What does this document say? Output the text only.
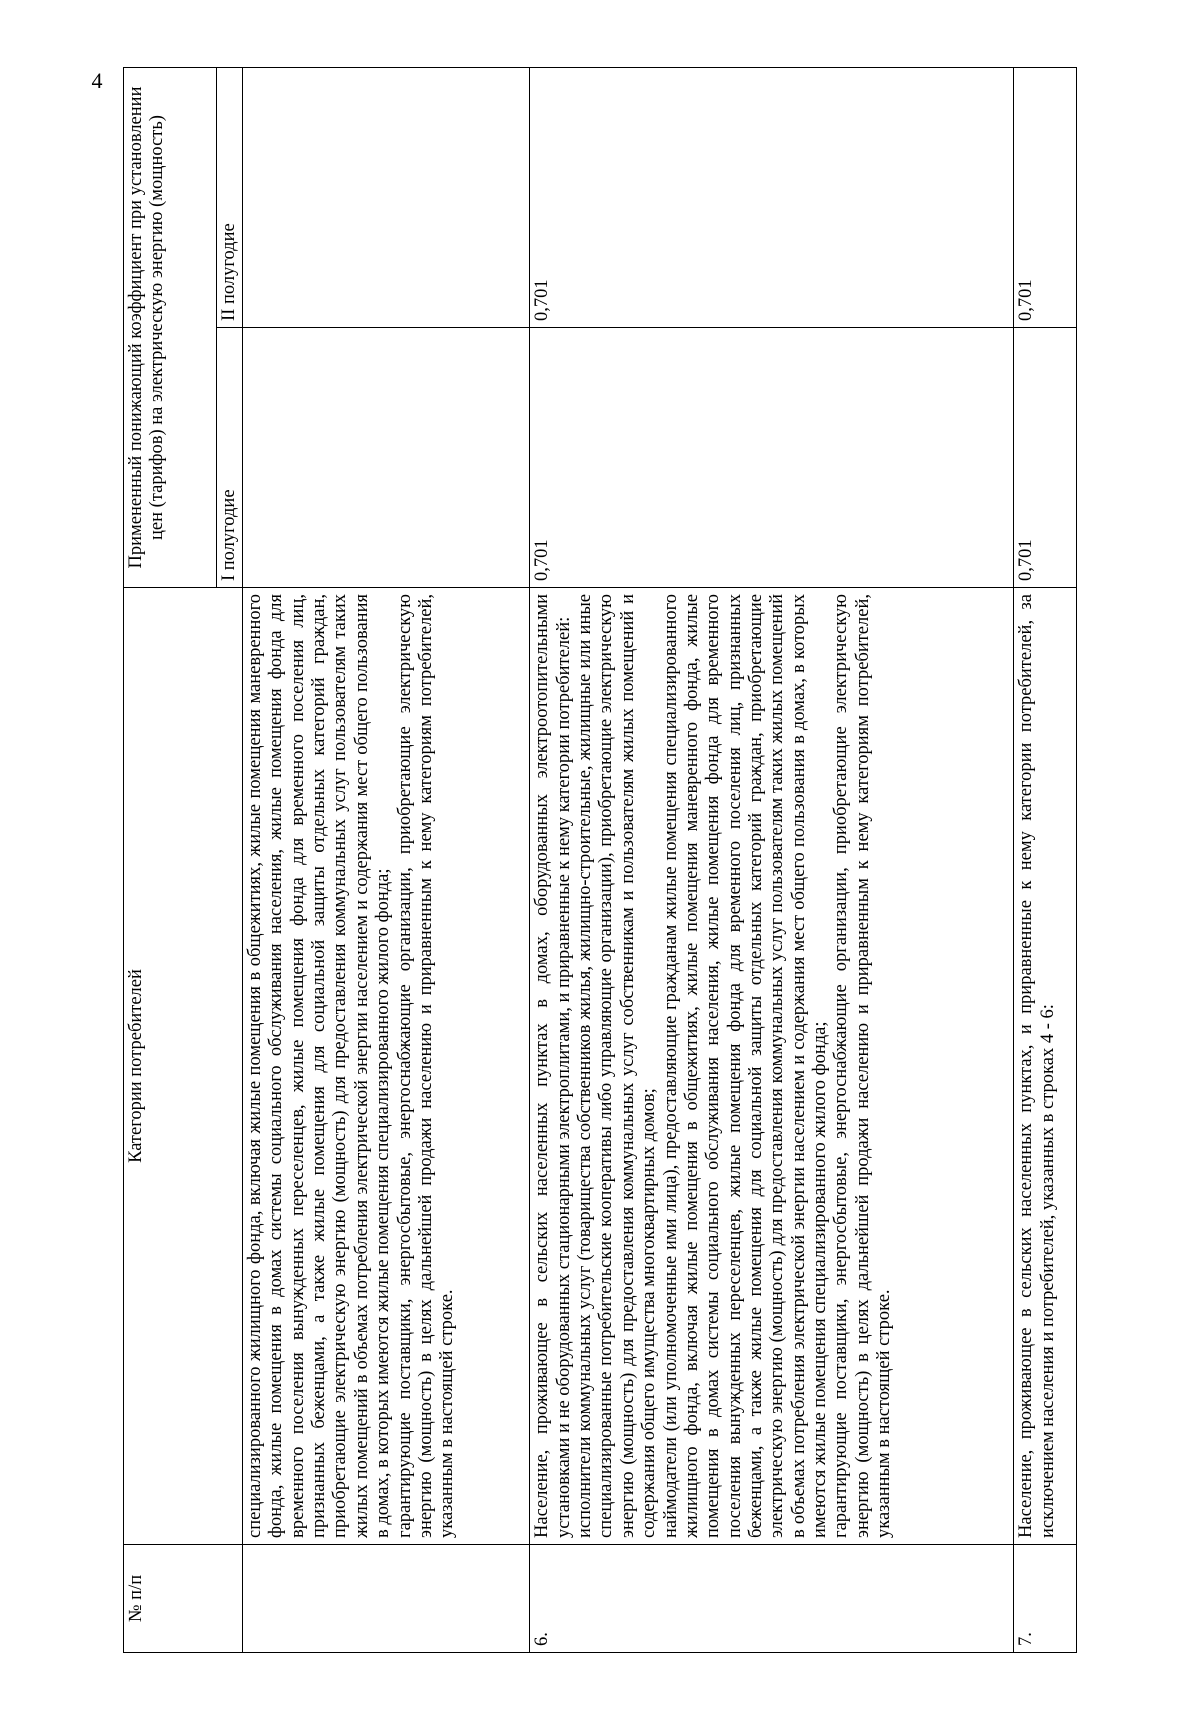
4
№ п/п	Категории потребителей	Примененный понижающий коэффициент при установлении цен (тарифов) на электрическую энергию (мощность)	
		I полугодие	II полугодие

	специализированного жилищного фонда, включая жилые помещения в общежитиях, жилые помещения маневренного фонда, жилые помещения в домах системы социального обслуживания населения, жилые помещения фонда для временного поселения вынужденных переселенцев, жилые помещения фонда для временного поселения лиц, признанных беженцами, а также жилые помещения для социальной защиты отдельных категорий граждан, приобретающие электрическую энергию (мощность) для предоставления коммунальных услуг пользователям таких жилых помещений в объемах потребления электрической энергии населением и содержания мест общего пользования в домах, в которых имеются жилые помещения специализированного жилого фонда; гарантирующие поставщики, энергосбытовые, энергоснабжающие организации, приобретающие электрическую энергию (мощность) в целях дальнейшей продажи населению и приравненным к нему категориям потребителей, указанным в настоящей строке.		

6.	Население, проживающее в сельских населенных пунктах в домах, оборудованных электроотопительными установками и не оборудованных стационарными электроплитами, и приравненные к нему категории потребителей: исполнители коммунальных услуг (товарищества собственников жилья, жилищно-строительные, жилищные или иные специализированные потребительские кооперативы либо управляющие организации), приобретающие электрическую энергию (мощность) для предоставления коммунальных услуг собственникам и пользователям жилых помещений и содержания общего имущества многоквартирных домов; наймодатели (или уполномоченные ими лица), предоставляющие гражданам жилые помещения специализированного жилищного фонда, включая жилые помещения в общежитиях, жилые помещения маневренного фонда, жилые помещения в домах системы социального обслуживания населения, жилые помещения фонда для временного поселения вынужденных переселенцев, жилые помещения фонда для временного поселения лиц, признанных беженцами, а также жилые помещения для социальной защиты отдельных категорий граждан, приобретающие электрическую энергию (мощность) для предоставления коммунальных услуг пользователям таких жилых помещений в объемах потребления электрической энергии населением и содержания мест общего пользования в домах, в которых имеются жилые помещения специализированного жилого фонда; гарантирующие поставщики, энергосбытовые, энергоснабжающие организации, приобретающие электрическую энергию (мощность) в целях дальнейшей продажи населению и приравненным к нему категориям потребителей, указанным в настоящей строке.	0,701	0,701
7.	Население, проживающее в сельских населенных пунктах, и приравненные к нему категории потребителей, за исключением населения и потребителей, указанных в строках 4 - 6:	0,701	0,701
